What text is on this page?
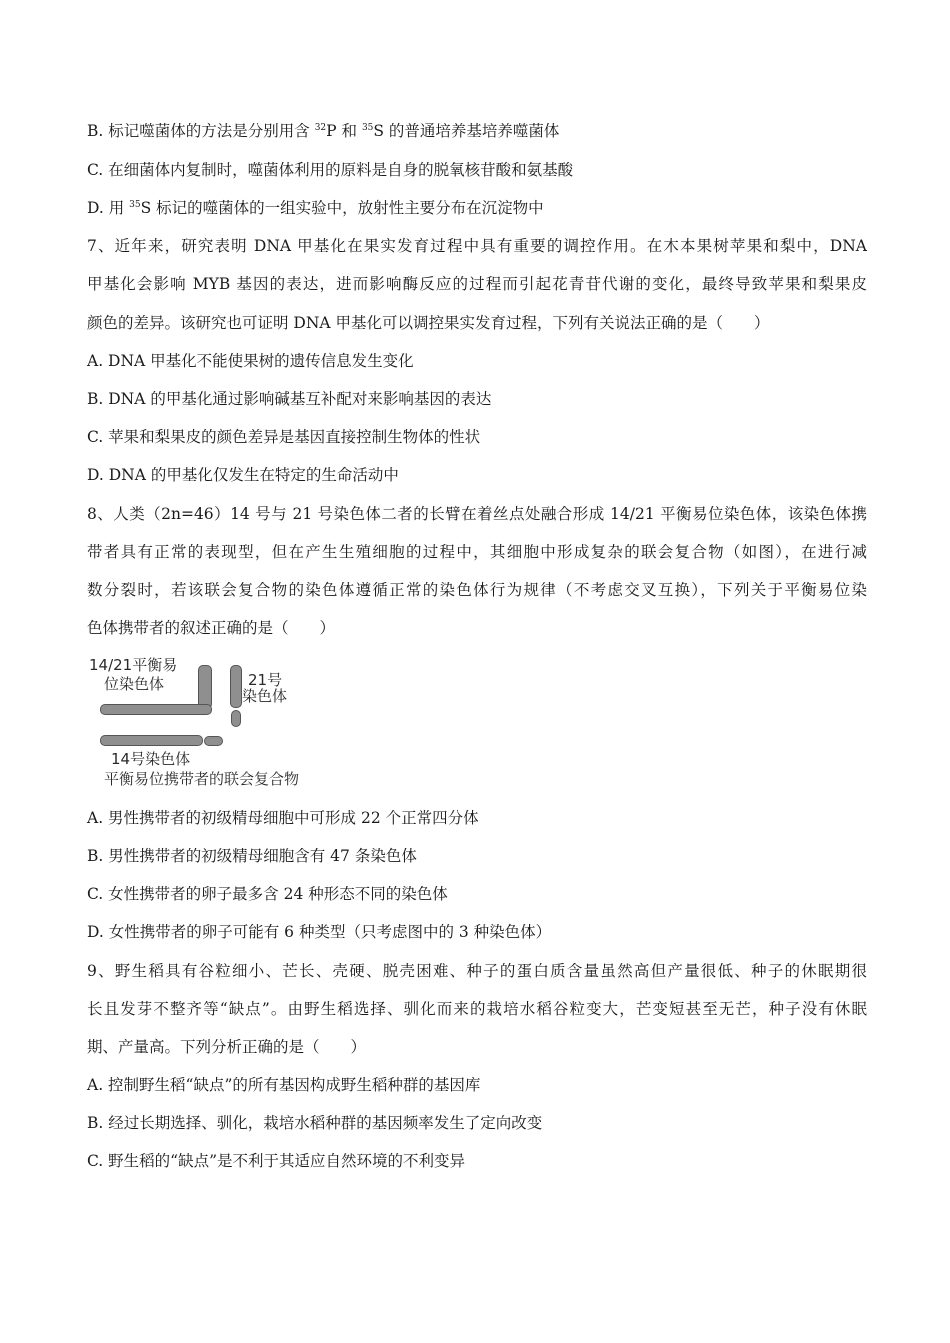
B. 标记噬菌体的方法是分别用含 $^{32}$P 和 $^{35}$S 的普通培养基培养噬菌体
C. 在细菌体内复制时，噬菌体利用的原料是自身的脱氧核苷酸和氨基酸
D. 用 $^{35}$S 标记的噬菌体的一组实验中，放射性主要分布在沉淀物中
7、近年来，研究表明 DNA 甲基化在果实发育过程中具有重要的调控作用。在木本果树苹果和梨中，DNA
甲基化会影响 MYB 基因的表达，进而影响酶反应的过程而引起花青苷代谢的变化，最终导致苹果和梨果皮
颜色的差异。该研究也可证明 DNA 甲基化可以调控果实发育过程，下列有关说法正确的是（　　）
A. DNA 甲基化不能使果树的遗传信息发生变化
B. DNA 的甲基化通过影响碱基互补配对来影响基因的表达
C. 苹果和梨果皮的颜色差异是基因直接控制生物体的性状
D. DNA 的甲基化仅发生在特定的生命活动中
8、人类（2n=46）14 号与 21 号染色体二者的长臂在着丝点处融合形成 14/21 平衡易位染色体，该染色体携
带者具有正常的表现型，但在产生生殖细胞的过程中，其细胞中形成复杂的联会复合物（如图），在进行减
数分裂时，若该联会复合物的染色体遵循正常的染色体行为规律（不考虑交叉互换），下列关于平衡易位染
色体携带者的叙述正确的是（　　）
14/21平衡易
位染色体	21号
染色体
14号染色体
平衡易位携带者的联会复合物
A. 男性携带者的初级精母细胞中可形成 22 个正常四分体
B. 男性携带者的初级精母细胞含有 47 条染色体
C. 女性携带者的卵子最多含 24 种形态不同的染色体
D. 女性携带者的卵子可能有 6 种类型（只考虑图中的 3 种染色体）
9、野生稻具有谷粒细小、芒长、壳硬、脱壳困难、种子的蛋白质含量虽然高但产量很低、种子的休眠期很
长且发芽不整齐等“缺点”。由野生稻选择、驯化而来的栽培水稻谷粒变大，芒变短甚至无芒，种子没有休眠
期、产量高。下列分析正确的是（　　）
A. 控制野生稻“缺点”的所有基因构成野生稻种群的基因库
B. 经过长期选择、驯化，栽培水稻种群的基因频率发生了定向改变
C. 野生稻的“缺点”是不利于其适应自然环境的不利变异
